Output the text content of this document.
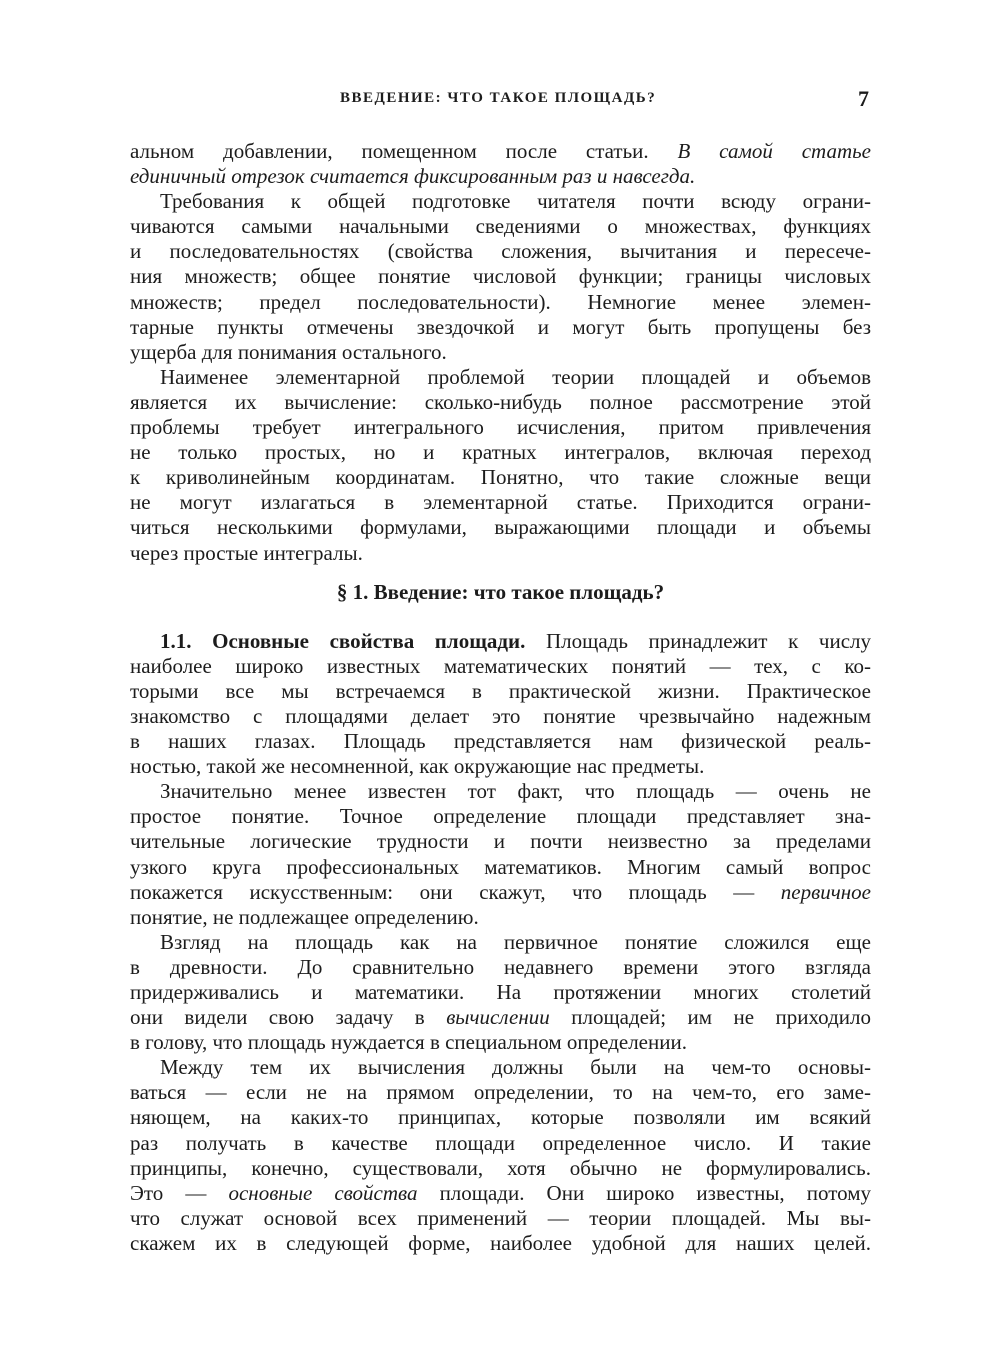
ВВЕДЕНИЕ: ЧТО ТАКОЕ ПЛОЩАДЬ?	7
альном добавлении, помещенном после статьи. В самой статье
единичный отрезок считается фиксированным раз и навсегда.
Требования к общей подготовке читателя почти всюду ограни-
чиваются самыми начальными сведениями о множествах, функциях
и последовательностях (свойства сложения, вычитания и пересече-
ния множеств; общее понятие числовой функции; границы числовых
множеств; предел последовательности). Немногие менее элемен-
тарные пункты отмечены звездочкой и могут быть пропущены без
ущерба для понимания остального.
Наименее элементарной проблемой теории площадей и объемов
является их вычисление: сколько-нибудь полное рассмотрение этой
проблемы требует интегрального исчисления, притом привлечения
не только простых, но и кратных интегралов, включая переход
к криволинейным координатам. Понятно, что такие сложные вещи
не могут излагаться в элементарной статье. Приходится ограни-
читься несколькими формулами, выражающими площади и объемы
через простые интегралы.
§ 1. Введение: что такое площадь?
1.1. Основные свойства площади. Площадь принадлежит к числу
наиболее широко известных математических понятий — тех, с ко-
торыми все мы встречаемся в практической жизни. Практическое
знакомство с площадями делает это понятие чрезвычайно надежным
в наших глазах. Площадь представляется нам физической реаль-
ностью, такой же несомненной, как окружающие нас предметы.
Значительно менее известен тот факт, что площадь — очень не
простое понятие. Точное определение площади представляет зна-
чительные логические трудности и почти неизвестно за пределами
узкого круга профессиональных математиков. Многим самый вопрос
покажется искусственным: они скажут, что площадь — первичное
понятие, не подлежащее определению.
Взгляд на площадь как на первичное понятие сложился еще
в древности. До сравнительно недавнего времени этого взгляда
придерживались и математики. На протяжении многих столетий
они видели свою задачу в вычислении площадей; им не приходило
в голову, что площадь нуждается в специальном определении.
Между тем их вычисления должны были на чем-то основы-
ваться — если не на прямом определении, то на чем-то, его заме-
няющем, на каких-то принципах, которые позволяли им всякий
раз получать в качестве площади определенное число. И такие
принципы, конечно, существовали, хотя обычно не формулировались.
Это — основные свойства площади. Они широко известны, потому
что служат основой всех применений — теории площадей. Мы вы-
скажем их в следующей форме, наиболее удобной для наших целей.
